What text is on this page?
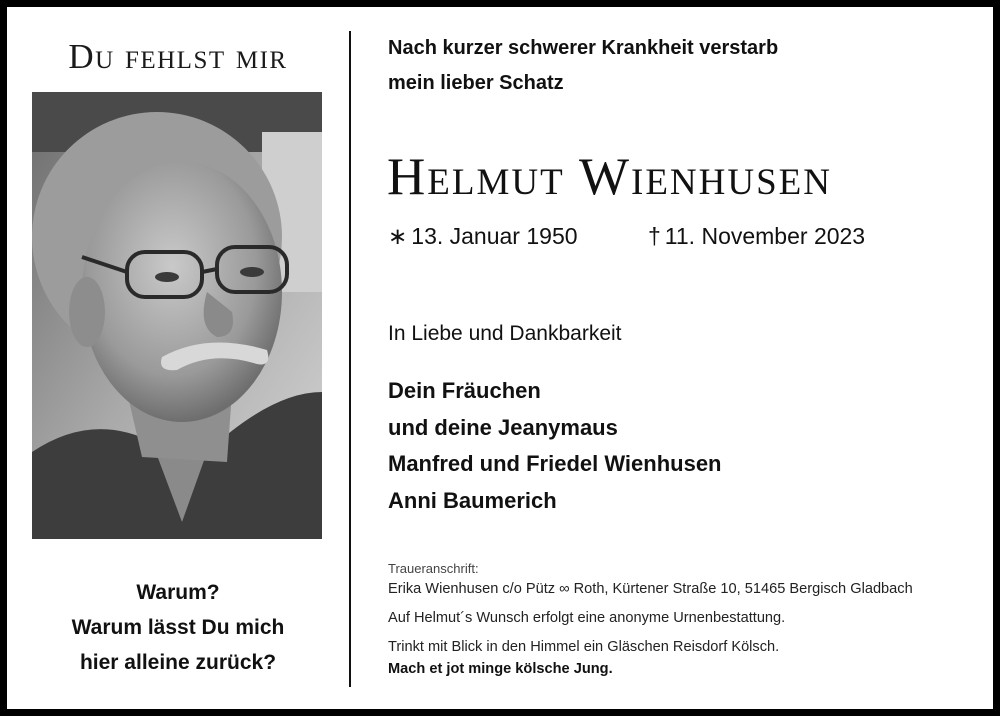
Du fehlst mir
Warum?
Warum lässt Du mich
hier alleine zurück?
Nach kurzer schwerer Krankheit verstarb
mein lieber Schatz
Helmut Wienhusen
∗ 13. Januar 1950	† 11. November 2023
In Liebe und Dankbarkeit
Dein Fräuchen
und deine Jeanymaus
Manfred und Friedel Wienhusen
Anni Baumerich
Traueranschrift:
Erika Wienhusen c/o Pütz ∞ Roth, Kürtener Straße 10, 51465 Bergisch Gladbach
Auf Helmut´s Wunsch erfolgt eine anonyme Urnenbestattung.
Trinkt mit Blick in den Himmel ein Gläschen Reisdorf Kölsch.
Mach et jot minge kölsche Jung.
